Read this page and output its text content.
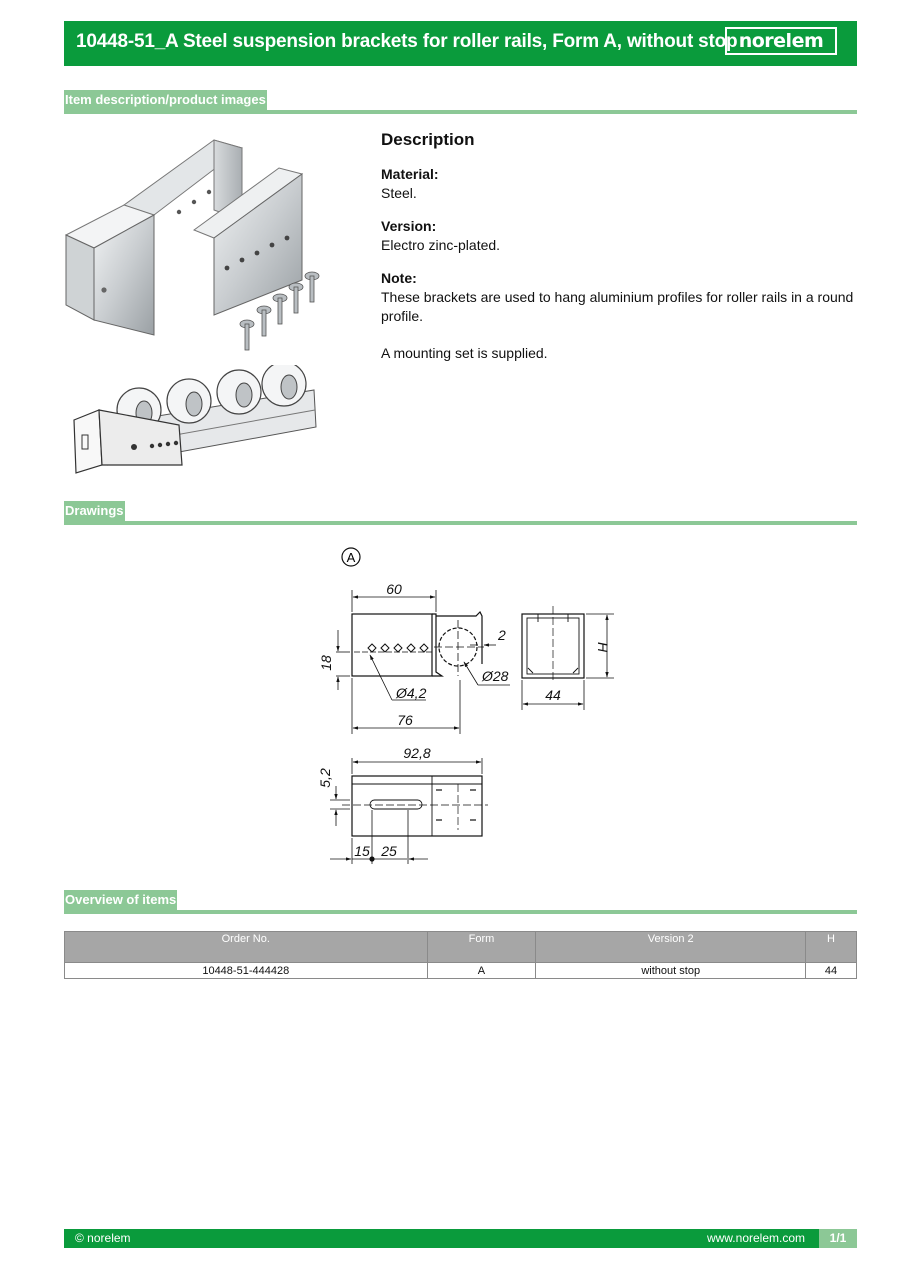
10448-51_A Steel suspension brackets for roller rails, Form A, without stop norelem
Item description/product images
Description
Material:
Steel.
Version:
Electro zinc-plated.
Note:
These brackets are used to hang aluminium profiles for roller rails in a round profile.
A mounting set is supplied.
Drawings
A
60
18
Ø4,2
76
2
Ø28
H
44
92,8
5,2
15 25
Overview of items
Order No.	Form	Version 2	H
10448-51-444428	A	without stop	44
© norelem	www.norelem.com	1/1
